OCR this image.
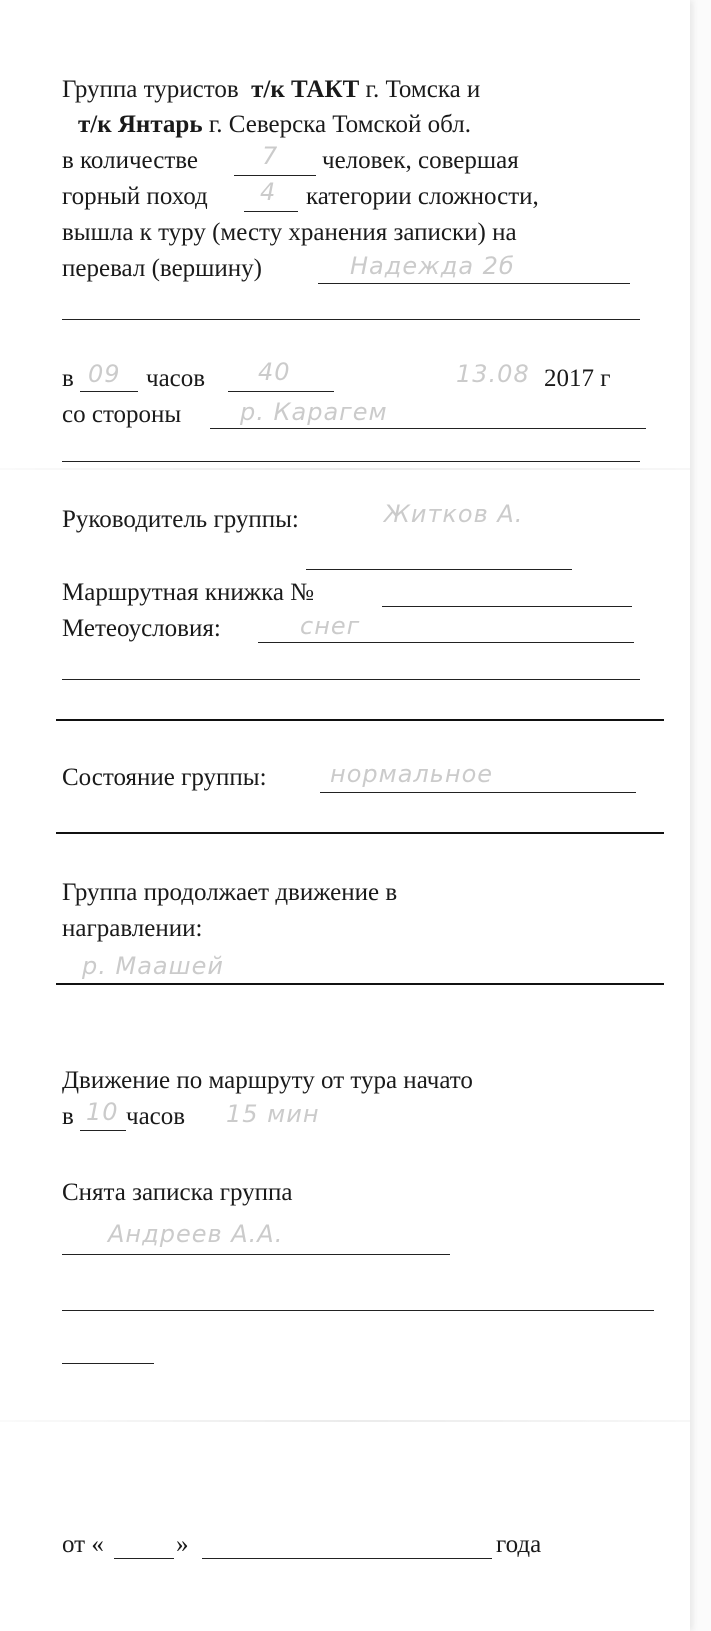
Группа туристов т/к ТАКТ г. Томска и
т/к Янтарь г. Северска Томской обл.
в количестве	7 человек, совершая
горный поход 4 категории сложности,
вышла к туру (месту хранения записки) на
перевал (вершину)	Надежда 2б
в 09 часов 40	13.08 2017 г
со стороны р. Карагем
Руководитель группы:	Житков А.
Маршрутная книжка №
Метеоусловия:	снег
Состояние группы:	нормальное
Группа продолжает движение в
награвлении:
р. Маашей
Движение по маршруту от тура начато
в 10 часов 15 мин
Снята записка группа
Андреев А.А.
от «	»	года
